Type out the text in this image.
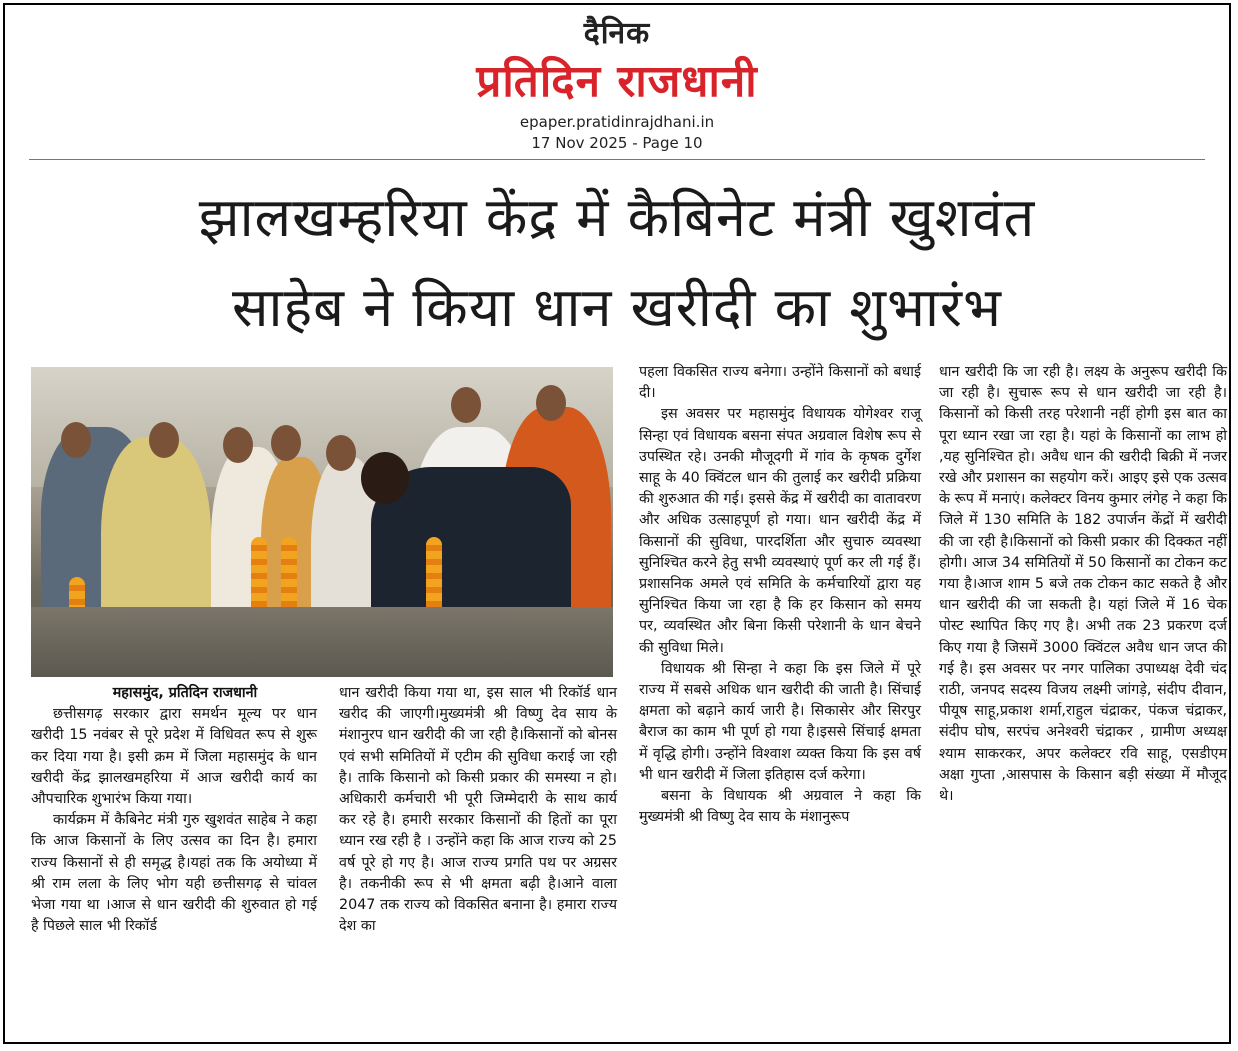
दैनिक
प्रतिदिन राजधानी
epaper.pratidinrajdhani.in
17 Nov 2025 - Page 10
झालखम्हरिया केंद्र में कैबिनेट मंत्री खुशवंत
साहेब ने किया धान खरीदी का शुभारंभ

महासमुंद, प्रतिदिन राजधानी

छत्तीसगढ़ सरकार द्वारा समर्थन मूल्य पर धान खरीदी 15 नवंबर से पूरे प्रदेश में विधिवत रूप से शुरू कर दिया गया है। इसी क्रम में जिला महासमुंद के धान खरीदी केंद्र झालखमहरिया में आज खरीदी कार्य का औपचारिक शुभारंभ किया गया।

कार्यक्रम में कैबिनेट मंत्री गुरु खुशवंत साहेब ने कहा कि आज किसानों के लिए उत्सव का दिन है। हमारा राज्य किसानों से ही समृद्ध है।यहां तक कि अयोध्या में श्री राम लला के लिए भोग यही छत्तीसगढ़ से चांवल भेजा गया था ।आज से धान खरीदी की शुरुवात हो गई है पिछले साल भी रिकॉर्ड

धान खरीदी किया गया था, इस साल भी रिकॉर्ड धान खरीद की जाएगी।मुख्यमंत्री श्री विष्णु देव साय के मंशानुरप धान खरीदी की जा रही है।किसानों को बोनस एवं सभी समितियों में एटीम की सुविधा कराई जा रही है। ताकि किसानो को किसी प्रकार की समस्या न हो। अधिकारी कर्मचारी भी पूरी जिम्मेदारी के साथ कार्य कर रहे है। हमारी सरकार किसानों की हितों का पूरा ध्यान रख रही है । उन्होंने कहा कि आज राज्य को 25 वर्ष पूरे हो गए है। आज राज्य प्रगति पथ पर अग्रसर है। तकनीकी रूप से भी क्षमता बढ़ी है।आने वाला 2047 तक राज्य को विकसित बनाना है। हमारा राज्य देश का

पहला विकसित राज्य बनेगा। उन्होंने किसानों को बधाई दी।

इस अवसर पर महासमुंद विधायक योगेश्वर राजू सिन्हा एवं विधायक बसना संपत अग्रवाल विशेष रूप से उपस्थित रहे। उनकी मौजूदगी में गांव के कृषक दुर्गेश साहू के 40 क्विंटल धान की तुलाई कर खरीदी प्रक्रिया की शुरुआत की गई। इससे केंद्र में खरीदी का वातावरण और अधिक उत्साहपूर्ण हो गया। धान खरीदी केंद्र में किसानों की सुविधा, पारदर्शिता और सुचारु व्यवस्था सुनिश्चित करने हेतु सभी व्यवस्थाएं पूर्ण कर ली गई हैं। प्रशासनिक अमले एवं समिति के कर्मचारियों द्वारा यह सुनिश्चित किया जा रहा है कि हर किसान को समय पर, व्यवस्थित और बिना किसी परेशानी के धान बेचने की सुविधा मिले।

विधायक श्री सिन्हा ने कहा कि इस जिले में पूरे राज्य में सबसे अधिक धान खरीदी की जाती है। सिंचाई क्षमता को बढ़ाने कार्य जारी है। सिकासेर और सिरपुर बैराज का काम भी पूर्ण हो गया है।इससे सिंचाई क्षमता में वृद्धि होगी। उन्होंने विश्वाश व्यक्त किया कि इस वर्ष भी धान खरीदी में जिला इतिहास दर्ज करेगा।

बसना के विधायक श्री अग्रवाल ने कहा कि मुख्यमंत्री श्री विष्णु देव साय के मंशानुरूप

धान खरीदी कि जा रही है। लक्ष्य के अनुरूप खरीदी कि जा रही है। सुचारू रूप से धान खरीदी जा रही है। किसानों को किसी तरह परेशानी नहीं होगी इस बात का पूरा ध्यान रखा जा रहा है। यहां के किसानों का लाभ हो ,यह सुनिश्चित हो। अवैध धान की खरीदी बिक्री में नजर रखे और प्रशासन का सहयोग करें। आइए इसे एक उत्सव के रूप में मनाएं। कलेक्टर विनय कुमार लंगेह ने कहा कि जिले में 130 समिति के 182 उपार्जन केंद्रों में खरीदी की जा रही है।किसानों को किसी प्रकार की दिक्कत नहीं होगी। आज 34 समितियों में 50 किसानों का टोकन कट गया है।आज शाम 5 बजे तक टोकन काट सकते है और धान खरीदी की जा सकती है। यहां जिले में 16 चेक पोस्ट स्थापित किए गए है। अभी तक 23 प्रकरण दर्ज किए गया है जिसमें 3000 क्विंटल अवैध धान जप्त की गई है। इस अवसर पर नगर पालिका उपाध्यक्ष देवी चंद राठी, जनपद सदस्य विजय लक्ष्मी जांगड़े, संदीप दीवान, पीयूष साहू,प्रकाश शर्मा,राहुल चंद्राकर, पंकज चंद्राकर, संदीप घोष, सरपंच अनेश्वरी चंद्राकर , ग्रामीण अध्यक्ष श्याम साकरकर, अपर कलेक्टर रवि साहू, एसडीएम अक्षा गुप्ता ,आसपास के किसान बड़ी संख्या में मौजूद थे।
